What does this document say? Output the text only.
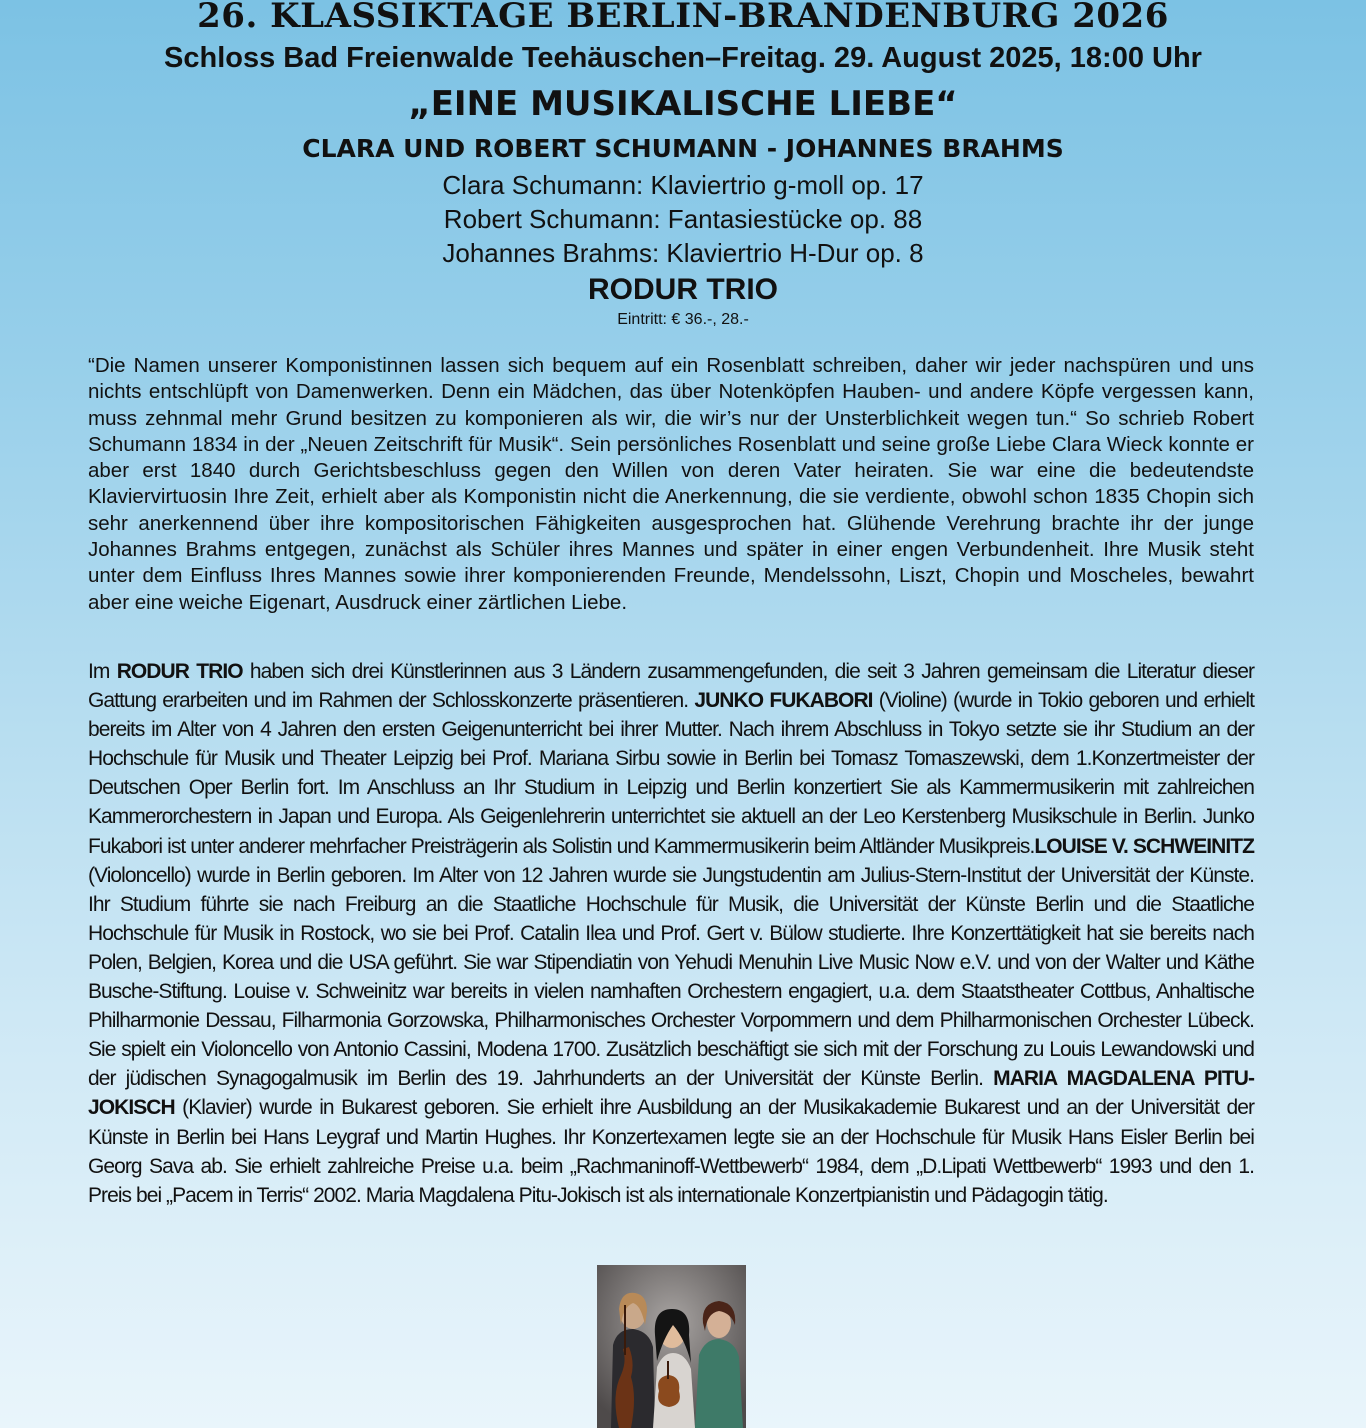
26. KLASSIKTAGE BERLIN-BRANDENBURG 2026
Schloss Bad Freienwalde Teehäuschen–Freitag. 29. August 2025, 18:00 Uhr
„EINE MUSIKALISCHE LIEBE“
CLARA UND ROBERT SCHUMANN - JOHANNES BRAHMS
Clara Schumann: Klaviertrio g-moll op. 17
Robert Schumann: Fantasiestücke op. 88
Johannes Brahms: Klaviertrio H-Dur op. 8
RODUR TRIO
Eintritt: € 36.-, 28.-

“Die Namen unserer Komponistinnen lassen sich bequem auf ein Rosenblatt schreiben, daher wir jeder nachspüren und uns nichts entschlüpft von Damenwerken. Denn ein Mädchen, das über Notenköpfen Hauben- und andere Köpfe vergessen kann, muss zehnmal mehr Grund besitzen zu komponieren als wir, die wir’s nur der Unsterblichkeit wegen tun.“ So schrieb Robert Schumann 1834 in der „Neuen Zeitschrift für Musik“. Sein persönliches Rosenblatt und seine große Liebe Clara Wieck konnte er aber erst 1840 durch Gerichtsbeschluss gegen den Willen von deren Vater heiraten. Sie war eine die bedeutendste Klaviervirtuosin Ihre Zeit, erhielt aber als Komponistin nicht die Anerkennung, die sie verdiente, obwohl schon 1835 Chopin sich sehr anerkennend über ihre kompositorischen Fähigkeiten ausgesprochen hat. Glühende Verehrung brachte ihr der junge Johannes Brahms entgegen, zunächst als Schüler ihres Mannes und später in einer engen Verbundenheit. Ihre Musik steht unter dem Einfluss Ihres Mannes sowie ihrer komponierenden Freunde, Mendelssohn, Liszt, Chopin und Moscheles, bewahrt aber eine weiche Eigenart, Ausdruck einer zärtlichen Liebe.

Im RODUR TRIO haben sich drei Künstlerinnen aus 3 Ländern zusammengefunden, die seit 3 Jahren gemeinsam die Literatur dieser Gattung erarbeiten und im Rahmen der Schlosskonzerte präsentieren. JUNKO FUKABORI (Violine) (wurde in Tokio geboren und erhielt bereits im Alter von 4 Jahren den ersten Geigenunterricht bei ihrer Mutter. Nach ihrem Abschluss in Tokyo setzte sie ihr Studium an der Hochschule für Musik und Theater Leipzig bei Prof. Mariana Sirbu sowie in Berlin bei Tomasz Tomaszewski, dem 1.Konzertmeister der Deutschen Oper Berlin fort. Im Anschluss an Ihr Studium in Leipzig und Berlin konzertiert Sie als Kammermusikerin mit zahlreichen Kammerorchestern in Japan und Europa. Als Geigenlehrerin unterrichtet sie aktuell an der Leo Kerstenberg Musikschule in Berlin. Junko Fukabori ist unter anderer mehrfacher Preisträgerin als Solistin und Kammermusikerin beim Altländer Musikpreis.LOUISE V. SCHWEINITZ (Violoncello) wurde in Berlin geboren. Im Alter von 12 Jahren wurde sie Jungstudentin am Julius-Stern-Institut der Universität der Künste. Ihr Studium führte sie nach Freiburg an die Staatliche Hochschule für Musik, die Universität der Künste Berlin und die Staatliche Hochschule für Musik in Rostock, wo sie bei Prof. Catalin Ilea und Prof. Gert v. Bülow studierte. Ihre Konzerttätigkeit hat sie bereits nach Polen, Belgien, Korea und die USA geführt. Sie war Stipendiatin von Yehudi Menuhin Live Music Now e.V. und von der Walter und Käthe Busche-Stiftung. Louise v. Schweinitz war bereits in vielen namhaften Orchestern engagiert, u.a. dem Staatstheater Cottbus, Anhaltische Philharmonie Dessau, Filharmonia Gorzowska, Philharmonisches Orchester Vorpommern und dem Philharmonischen Orchester Lübeck. Sie spielt ein Violoncello von Antonio Cassini, Modena 1700. Zusätzlich beschäftigt sie sich mit der Forschung zu Louis Lewandowski und der jüdischen Synagogalmusik im Berlin des 19. Jahrhunderts an der Universität der Künste Berlin. MARIA MAGDALENA PITU-JOKISCH (Klavier) wurde in Bukarest geboren. Sie erhielt ihre Ausbildung an der Musikakademie Bukarest und an der Universität der Künste in Berlin bei Hans Leygraf und Martin Hughes. Ihr Konzertexamen legte sie an der Hochschule für Musik Hans Eisler Berlin bei Georg Sava ab. Sie erhielt zahlreiche Preise u.a. beim „Rachmaninoff-Wettbewerb“ 1984, dem „D.Lipati Wettbewerb“ 1993 und den 1. Preis bei „Pacem in Terris“ 2002. Maria Magdalena Pitu-Jokisch ist als internationale Konzertpianistin und Pädagogin tätig.
